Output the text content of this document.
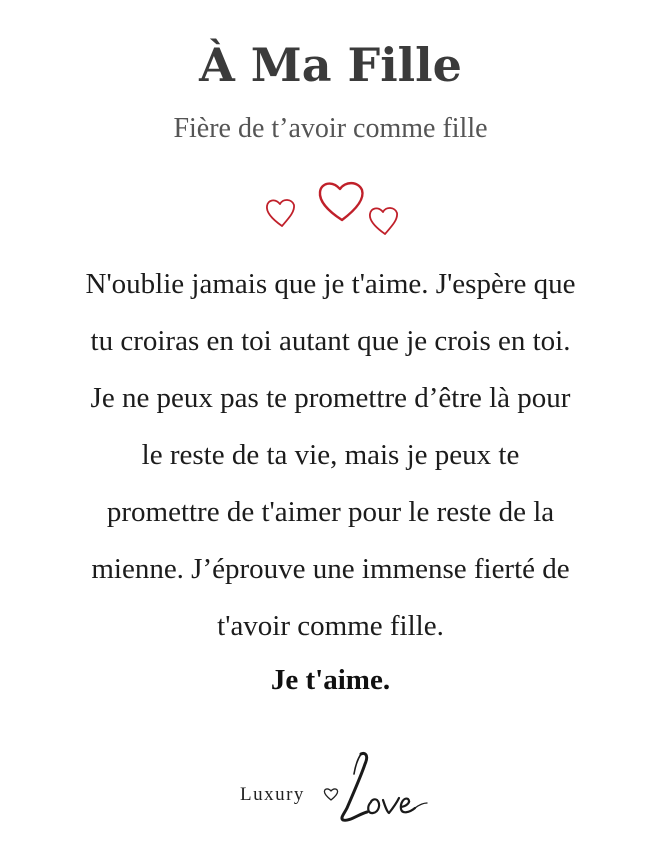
À Ma Fille

Fière de t’avoir comme fille

N'oublie jamais que je t'aime. J'espère que
tu croiras en toi autant que je crois en toi.
Je ne peux pas te promettre d’être là pour
le reste de ta vie, mais je peux te
promettre de t'aimer pour le reste de la
mienne. J’éprouve une immense fierté de
t'avoir comme fille.

Je t'aime.

Luxury
